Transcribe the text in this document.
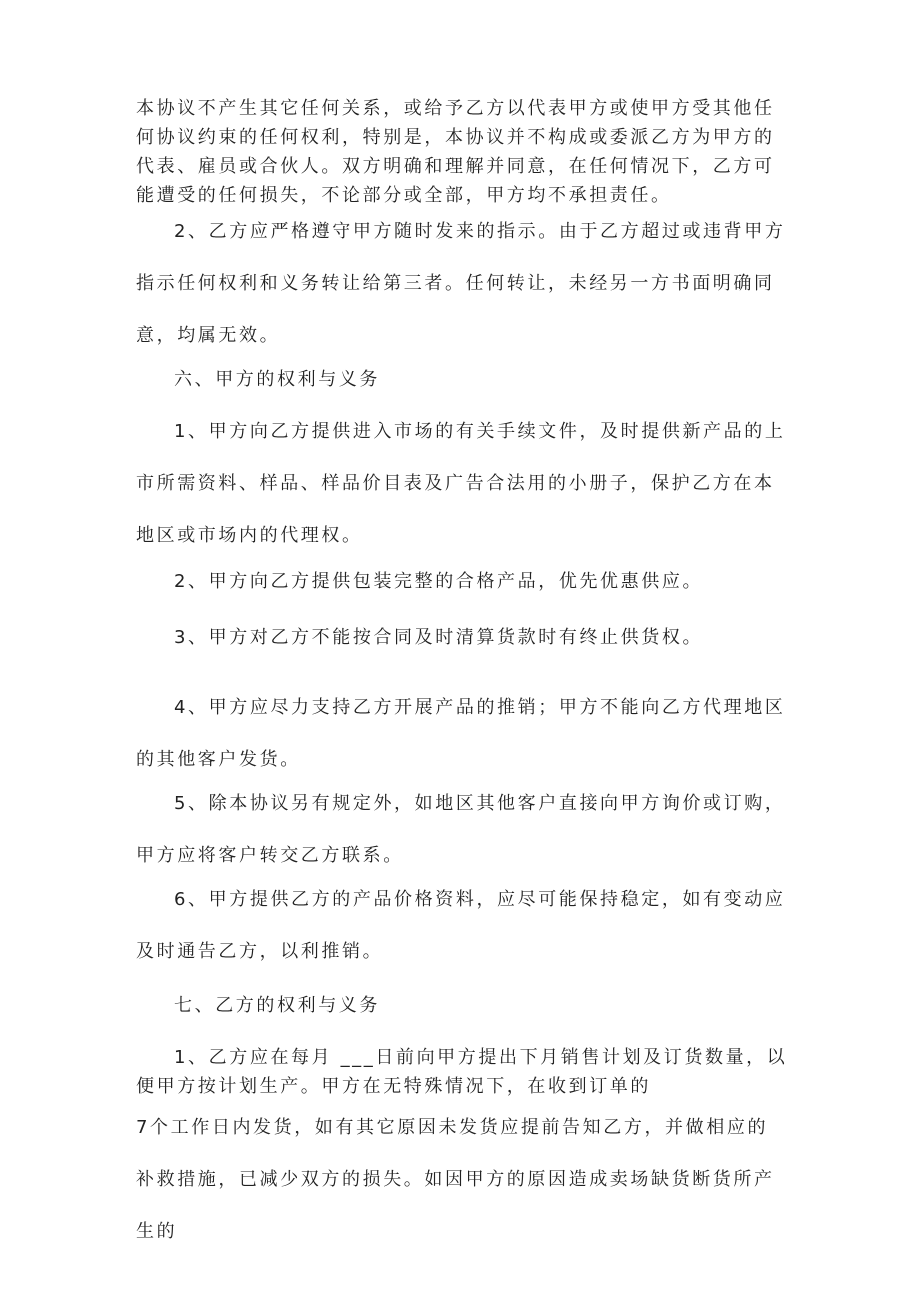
本协议不产生其它任何关系，或给予乙方以代表甲方或使甲方受其他任何协议约束的任何权利，特别是，本协议并不构成或委派乙方为甲方的代表、雇员或合伙人。双方明确和理解并同意，在任何情况下，乙方可能遭受的任何损失，不论部分或全部，甲方均不承担责任。

2、乙方应严格遵守甲方随时发来的指示。由于乙方超过或违背甲方指示任何权利和义务转让给第三者。任何转让，未经另一方书面明确同意，均属无效。

六、甲方的权利与义务

1、甲方向乙方提供进入市场的有关手续文件，及时提供新产品的上市所需资料、样品、样品价目表及广告合法用的小册子，保护乙方在本地区或市场内的代理权。

2、甲方向乙方提供包装完整的合格产品，优先优惠供应。

3、甲方对乙方不能按合同及时清算货款时有终止供货权。

4、甲方应尽力支持乙方开展产品的推销；甲方不能向乙方代理地区的其他客户发货。

5、除本协议另有规定外，如地区其他客户直接向甲方询价或订购，甲方应将客户转交乙方联系。

6、甲方提供乙方的产品价格资料，应尽可能保持稳定，如有变动应及时通告乙方，以利推销。

七、乙方的权利与义务

1、乙方应在每月 ___日前向甲方提出下月销售计划及订货数量，以便甲方按计划生产。甲方在无特殊情况下，在收到订单的

7个工作日内发货，如有其它原因未发货应提前告知乙方，并做相应的补救措施，已减少双方的损失。如因甲方的原因造成卖场缺货断货所产生的
